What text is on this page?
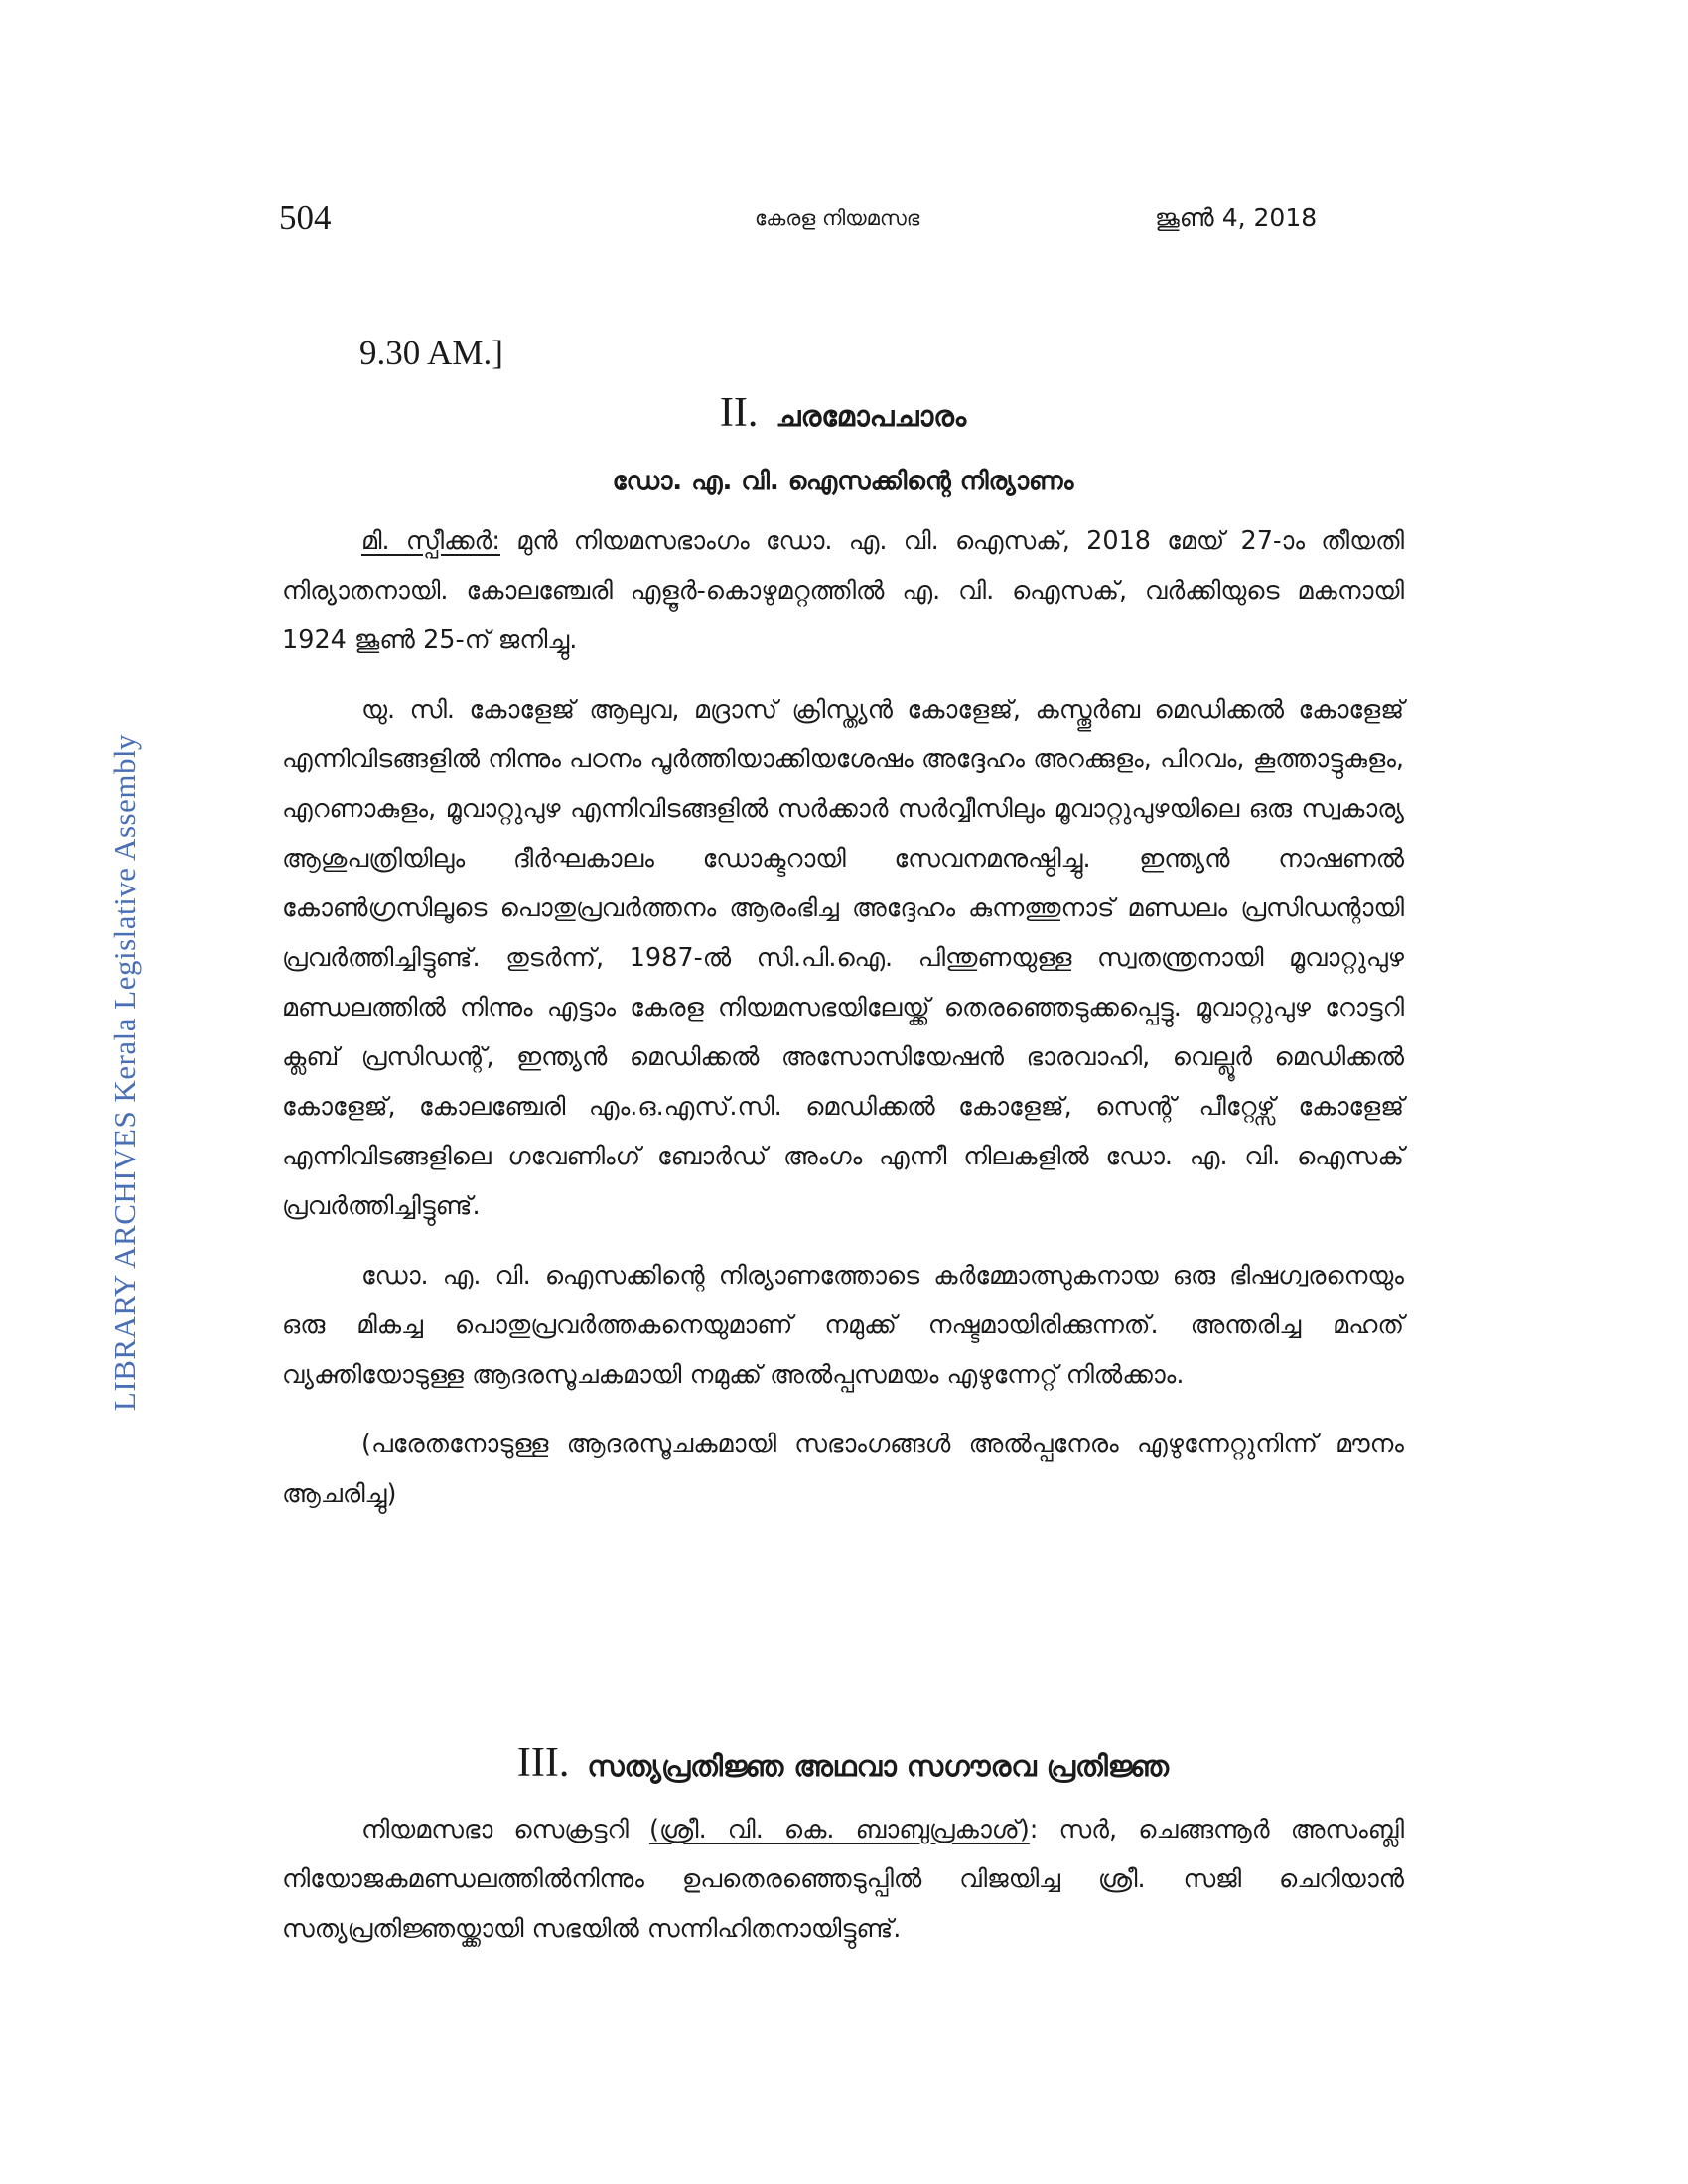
LIBRARY ARCHIVES Kerala Legislative Assembly
504	കേരള നിയമസഭ	ജൂൺ 4, 2018
9.30 AM.]
II. ചരമോപചാരം
ഡോ. എ. വി. ഐസക്കിന്റെ നിര്യാണം

മി. സ്പീക്കർ: മുൻ നിയമസഭാംഗം ഡോ. എ. വി. ഐസക്, 2018 മേയ് 27-ാം തീയതി നിര്യാതനായി. കോലഞ്ചേരി എളൂർ-കൊഴുമറ്റത്തിൽ എ. വി. ഐസക്, വർക്കിയുടെ മകനായി 1924 ജൂൺ 25-ന് ജനിച്ചു.

യു. സി. കോളേജ് ആലുവ, മദ്രാസ് ക്രിസ്ത്യൻ കോളേജ്, കസ്തൂർബ മെഡിക്കൽ കോളേജ് എന്നിവിടങ്ങളിൽ നിന്നും പഠനം പൂർത്തിയാക്കിയശേഷം അദ്ദേഹം അറക്കുളം, പിറവം, കൂത്താട്ടുകുളം, എറണാകുളം, മൂവാറ്റുപുഴ എന്നിവിടങ്ങളിൽ സർക്കാർ സർവ്വീസിലും മൂവാറ്റുപുഴയിലെ ഒരു സ്വകാര്യ ആശുപത്രിയിലും ദീർഘകാലം ഡോക്ടറായി സേവനമനുഷ്ഠിച്ചു. ഇന്ത്യൻ നാഷണൽ കോൺഗ്രസിലൂടെ പൊതുപ്രവർത്തനം ആരംഭിച്ച അദ്ദേഹം കുന്നത്തുനാട് മണ്ഡലം പ്രസിഡന്റായി പ്രവർത്തിച്ചിട്ടുണ്ട്. തുടർന്ന്, 1987-ൽ സി.പി.ഐ. പിന്തുണയുള്ള സ്വതന്ത്രനായി മൂവാറ്റുപുഴ മണ്ഡലത്തിൽ നിന്നും എട്ടാം കേരള നിയമസഭയിലേയ്ക്ക് തെരഞ്ഞെടുക്കപ്പെട്ടു. മൂവാറ്റുപുഴ റോട്ടറി ക്ലബ് പ്രസിഡന്റ്, ഇന്ത്യൻ മെഡിക്കൽ അസോസിയേഷൻ ഭാരവാഹി, വെല്ലൂർ മെഡിക്കൽ കോളേജ്, കോലഞ്ചേരി എം.ഒ.എസ്.സി. മെഡിക്കൽ കോളേജ്, സെന്റ് പീറ്റേഴ്സ് കോളേജ് എന്നിവിടങ്ങളിലെ ഗവേണിംഗ് ബോർഡ് അംഗം എന്നീ നിലകളിൽ ഡോ. എ. വി. ഐസക് പ്രവർത്തിച്ചിട്ടുണ്ട്.

ഡോ. എ. വി. ഐസക്കിന്റെ നിര്യാണത്തോടെ കർമ്മോത്സുകനായ ഒരു ഭിഷഗ്വരനെയും ഒരു മികച്ച പൊതുപ്രവർത്തകനെയുമാണ് നമുക്ക് നഷ്ടമായിരിക്കുന്നത്. അന്തരിച്ച മഹത് വ്യക്തിയോടുള്ള ആദരസൂചകമായി നമുക്ക് അൽപ്പസമയം എഴുന്നേറ്റ് നിൽക്കാം.

(പരേതനോടുള്ള ആദരസൂചകമായി സഭാംഗങ്ങൾ അൽപ്പനേരം എഴുന്നേറ്റുനിന്ന് മൗനം ആചരിച്ചു)

III. സത്യപ്രതിജ്ഞ അഥവാ സഗൗരവ പ്രതിജ്ഞ

നിയമസഭാ സെക്രട്ടറി (ശ്രീ. വി. കെ. ബാബുപ്രകാശ്): സർ, ചെങ്ങന്നൂർ അസംബ്ലി നിയോജകമണ്ഡലത്തിൽനിന്നും ഉപതെരഞ്ഞെടുപ്പിൽ വിജയിച്ച ശ്രീ. സജി ചെറിയാൻ സത്യപ്രതിജ്ഞയ്ക്കായി സഭയിൽ സന്നിഹിതനായിട്ടുണ്ട്.
